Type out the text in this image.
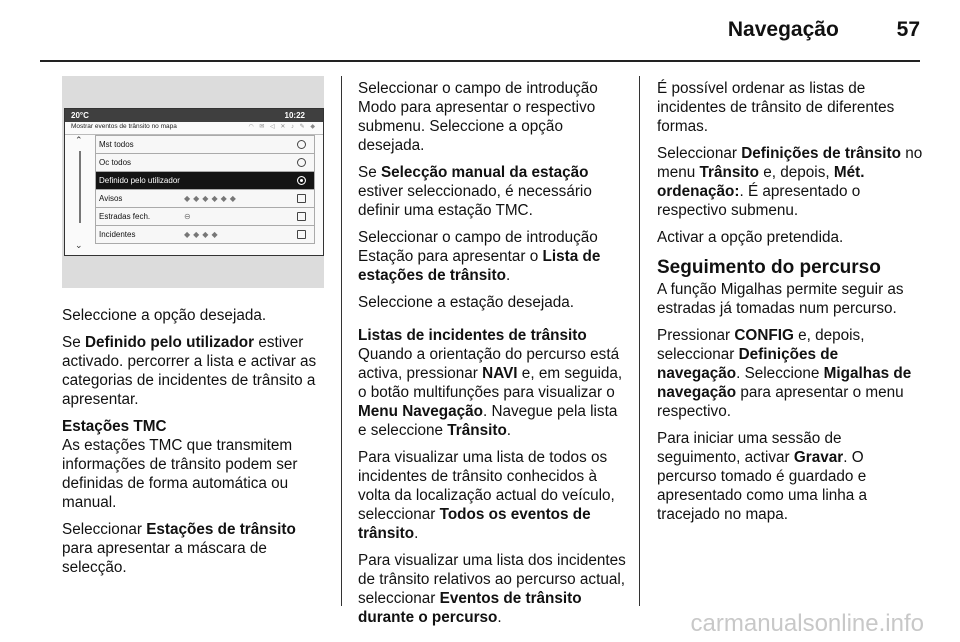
Navegação	57
20°C	10:22
Mostrar eventos de trânsito no mapa	◠ ✉ ◁ ✕ ♪ ✎ ◆
⌃
⌄
Mst todos
Oc todos
Definido pelo utilizador
Avisos	◆◆◆◆◆◆
Estradas fech.	⊖
Incidentes	◆◆◆◆

Seleccione a opção desejada.

Se Definido pelo utilizador estiver activado. percorrer a lista e activar as categorias de incidentes de trânsito a apresentar.

Estações TMC

As estações TMC que transmitem informações de trânsito podem ser definidas de forma automática ou manual.

Seleccionar Estações de trânsito para apresentar a máscara de selecção.

Seleccionar o campo de introdução Modo para apresentar o respectivo submenu. Seleccione a opção desejada.

Se Selecção manual da estação estiver seleccionado, é necessário definir uma estação TMC.

Seleccionar o campo de introdução Estação para apresentar o Lista de estações de trânsito.

Seleccione a estação desejada.

Listas de incidentes de trânsito

Quando a orientação do percurso está activa, pressionar NAVI e, em seguida, o botão multifunções para visualizar o Menu Navegação. Navegue pela lista e seleccione Trânsito.

Para visualizar uma lista de todos os incidentes de trânsito conhecidos à volta da localização actual do veículo, seleccionar Todos os eventos de trânsito.

Para visualizar uma lista dos incidentes de trânsito relativos ao percurso actual, seleccionar Eventos de trânsito durante o percurso.

É possível ordenar as listas de incidentes de trânsito de diferentes formas.

Seleccionar Definições de trânsito no menu Trânsito e, depois, Mét. ordenação:. É apresentado o respectivo submenu.

Activar a opção pretendida.

Seguimento do percurso

A função Migalhas permite seguir as estradas já tomadas num percurso.

Pressionar CONFIG e, depois, seleccionar Definições de navegação. Seleccione Migalhas de navegação para apresentar o menu respectivo.

Para iniciar uma sessão de seguimento, activar Gravar. O percurso tomado é guardado e apresentado como uma linha a tracejado no mapa.

carmanualsonline.info
